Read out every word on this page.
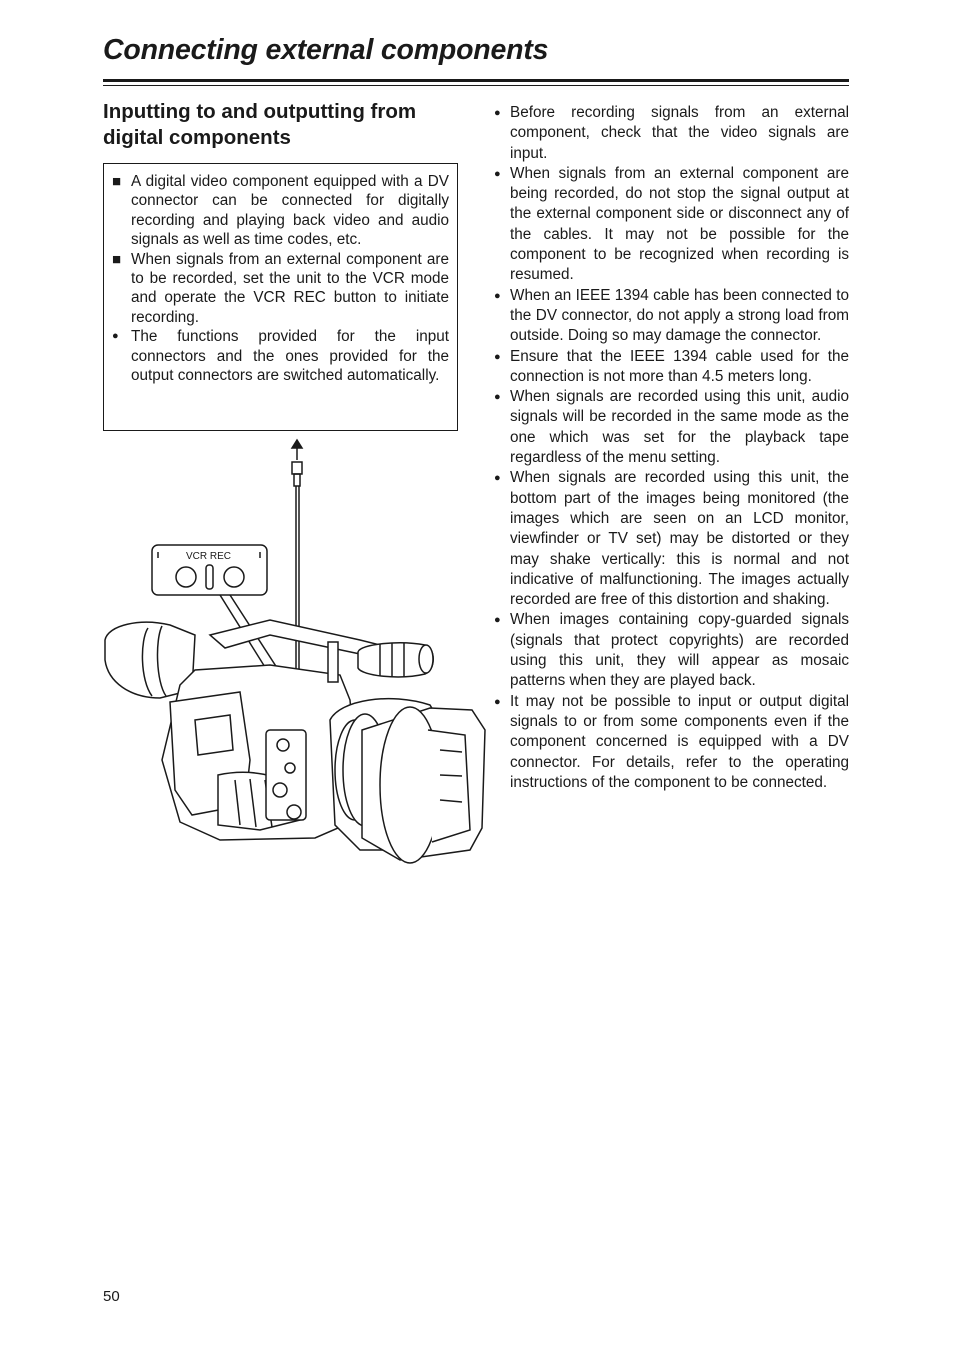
Connecting external components
Inputting to and outputting from digital components
■
A digital video component equipped with a DV connector can be connected for digitally recording and playing back video and audio signals as well as time codes, etc.
■
When signals from an external component are to be recorded, set the unit to the VCR mode and operate the VCR REC button to initiate recording.
●
The functions provided for the input connectors and the ones provided for the output connectors are switched automatically.
VCR REC
●
Before recording signals from an external component, check that the video signals are input.
●
When signals from an external component are being recorded, do not stop the signal output at the external component side or disconnect any of the cables. It may not be possible for the component to be recognized when recording is resumed.
●
When an IEEE 1394 cable has been connected to the DV connector, do not apply a strong load from outside. Doing so may damage the connector.
●
Ensure that the IEEE 1394 cable used for the connection is not more than 4.5 meters long.
●
When signals are recorded using this unit, audio signals will be recorded in the same mode as the one which was set for the playback tape regardless of the menu setting.
●
When signals are recorded using this unit, the bottom part of the images being monitored (the images which are seen on an LCD monitor, viewfinder or TV set) may be distorted or they may shake vertically: this is normal and not indicative of malfunctioning. The images actually recorded are free of this distortion and shaking.
●
When images containing copy-guarded signals (signals that protect copyrights) are recorded using this unit, they will appear as mosaic patterns when they are played back.
●
It may not be possible to input or output digital signals to or from some components even if the component concerned is equipped with a DV connector. For details, refer to the operating instructions of the component to be connected.
50
